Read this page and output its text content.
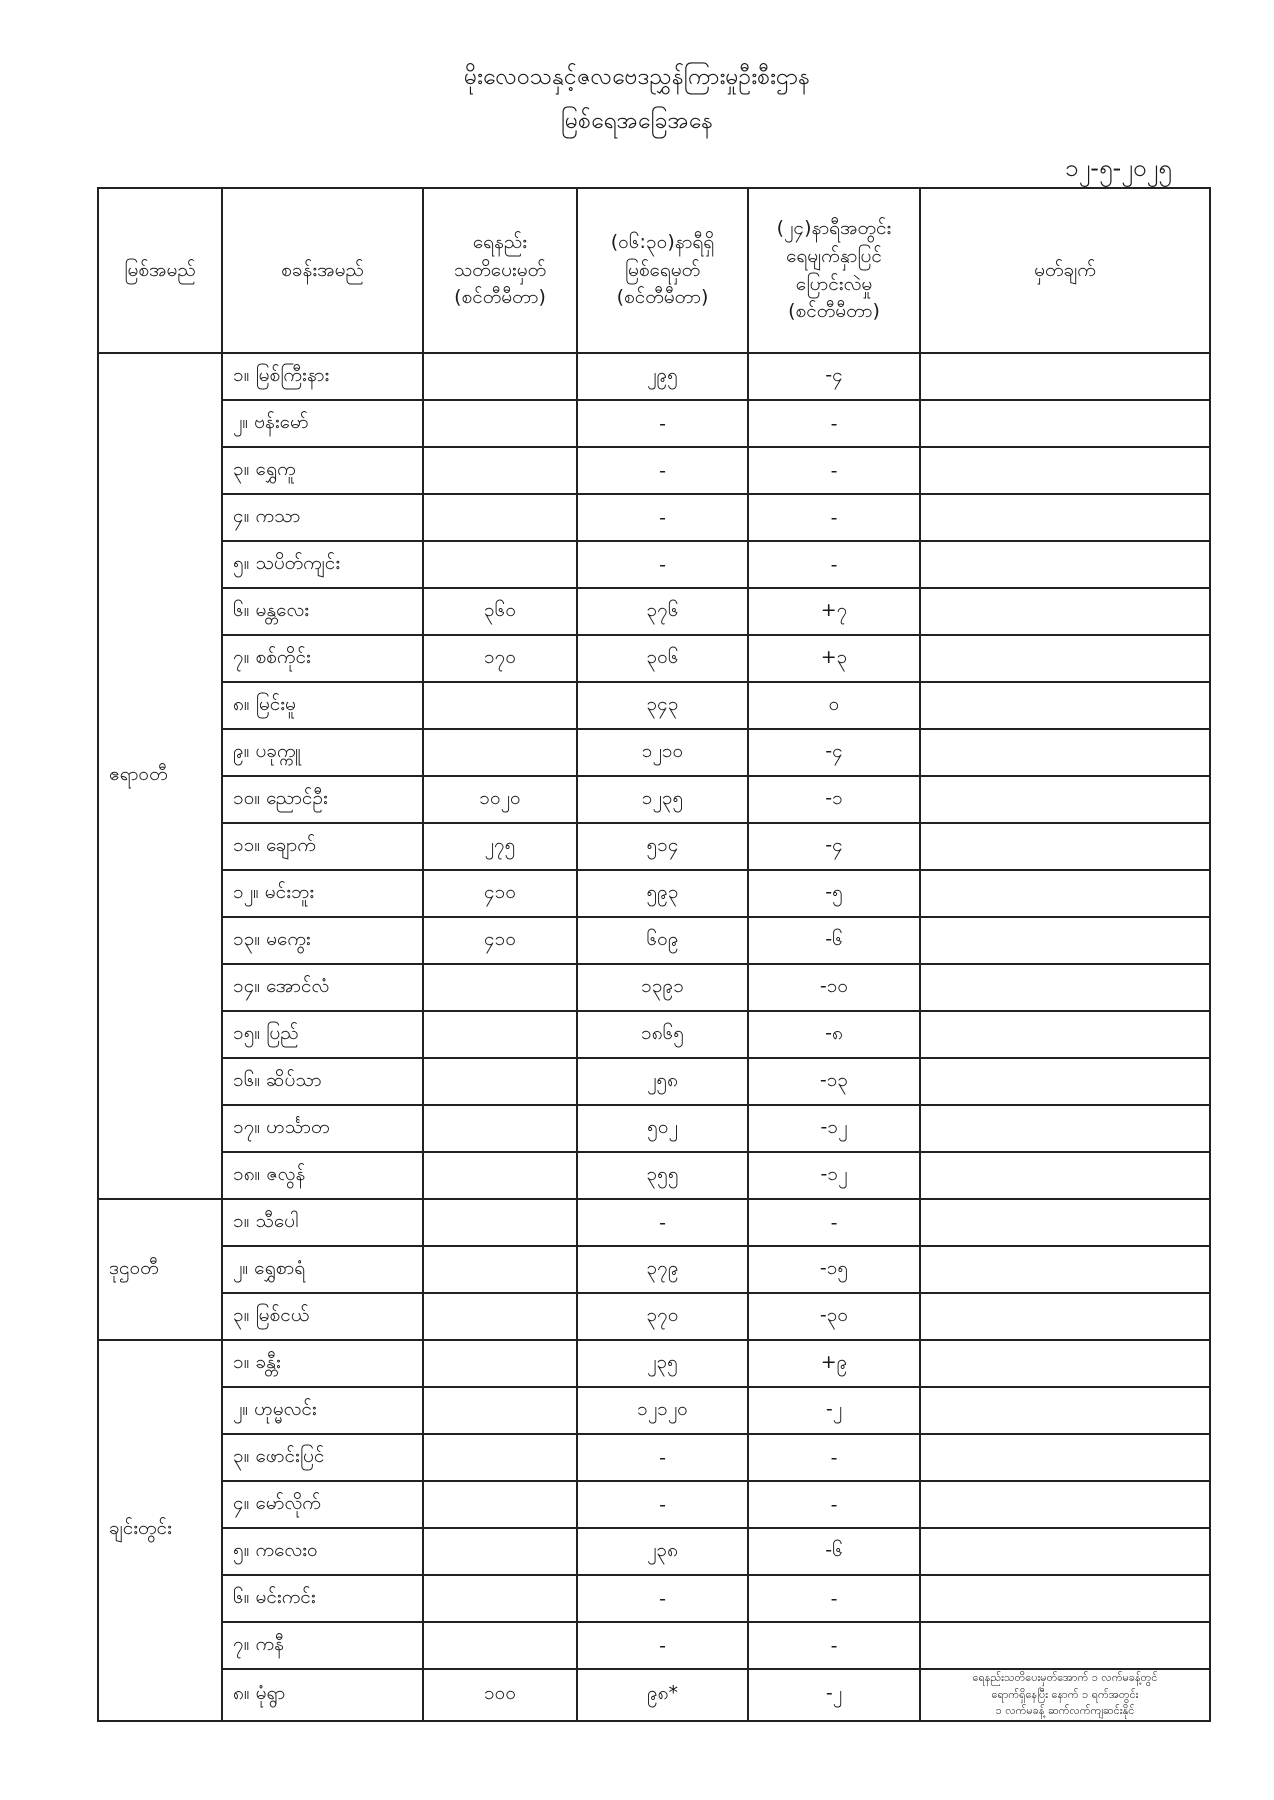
မိုးလေဝသနှင့်ဇလဗေဒညွှန်ကြားမှုဦးစီးဌာန
မြစ်ရေအခြေအနေ
၁၂-၅-၂၀၂၅
မြစ်အမည်	စခန်းအမည်	ရေနည်း
သတိပေးမှတ်
(စင်တီမီတာ)	(၀၆:၃၀)နာရီရှိ
မြစ်ရေမှတ်
(စင်တီမီတာ)	(၂၄)နာရီအတွင်း
ရေမျက်နှာပြင်
ပြောင်းလဲမှု
(စင်တီမီတာ)	မှတ်ချက်
ဧရာဝတီ	၁။ မြစ်ကြီးနား		၂၉၅	-၄	
	၂။ ဗန်းမော်		-	-	
	၃။ ရွှေကူ		-	-	
	၄။ ကသာ		-	-	
	၅။ သပိတ်ကျင်း		-	-	
	၆။ မန္တလေး	၃၆၀	၃၇၆	+၇	
	၇။ စစ်ကိုင်း	၁၇၀	၃၀၆	+၃	
	၈။ မြင်းမူ		၃၄၃	၀	
	၉။ ပခုက္ကူ		၁၂၁၀	-၄	
	၁၀။ ညောင်ဦး	၁၀၂၀	၁၂၃၅	-၁	
	၁၁။ ချောက်	၂၇၅	၅၁၄	-၄	
	၁၂။ မင်းဘူး	၄၁၀	၅၉၃	-၅	
	၁၃။ မကွေး	၄၁၀	၆၀၉	-၆	
	၁၄။ အောင်လံ		၁၃၉၁	-၁၀	
	၁၅။ ပြည်		၁၈၆၅	-၈	
	၁၆။ ဆိပ်သာ		၂၅၈	-၁၃	
	၁၇။ ဟင်္သာတ		၅၀၂	-၁၂	
	၁၈။ ဇလွန်		၃၅၅	-၁၂	
ဒုဌဝတီ	၁။ သီပေါ		-	-	
	၂။ ရွှေစာရံ		၃၇၉	-၁၅	
	၃။ မြစ်ငယ်		၃၇၀	-၃၀	
ချင်းတွင်း	၁။ ခန္တီး		၂၃၅	+၉	
	၂။ ဟုမ္မလင်း		၁၂၁၂၀	-၂	
	၃။ ဖောင်းပြင်		-	-	
	၄။ မော်လိုက်		-	-	
	၅။ ကလေးဝ		၂၃၈	-၆	
	၆။ မင်းကင်း		-	-	
	၇။ ကနီ		-	-	
	၈။ မုံရွာ	၁၀၀	၉၈*	-၂	ရေနည်းသတိပေးမှတ်အောက် ၁ လက်မခန့်တွင်
ရောက်ရှိနေပြီး နောက် ၁ ရက်အတွင်း
၁ လက်မခန့် ဆက်လက်ကျဆင်းနိုင်
